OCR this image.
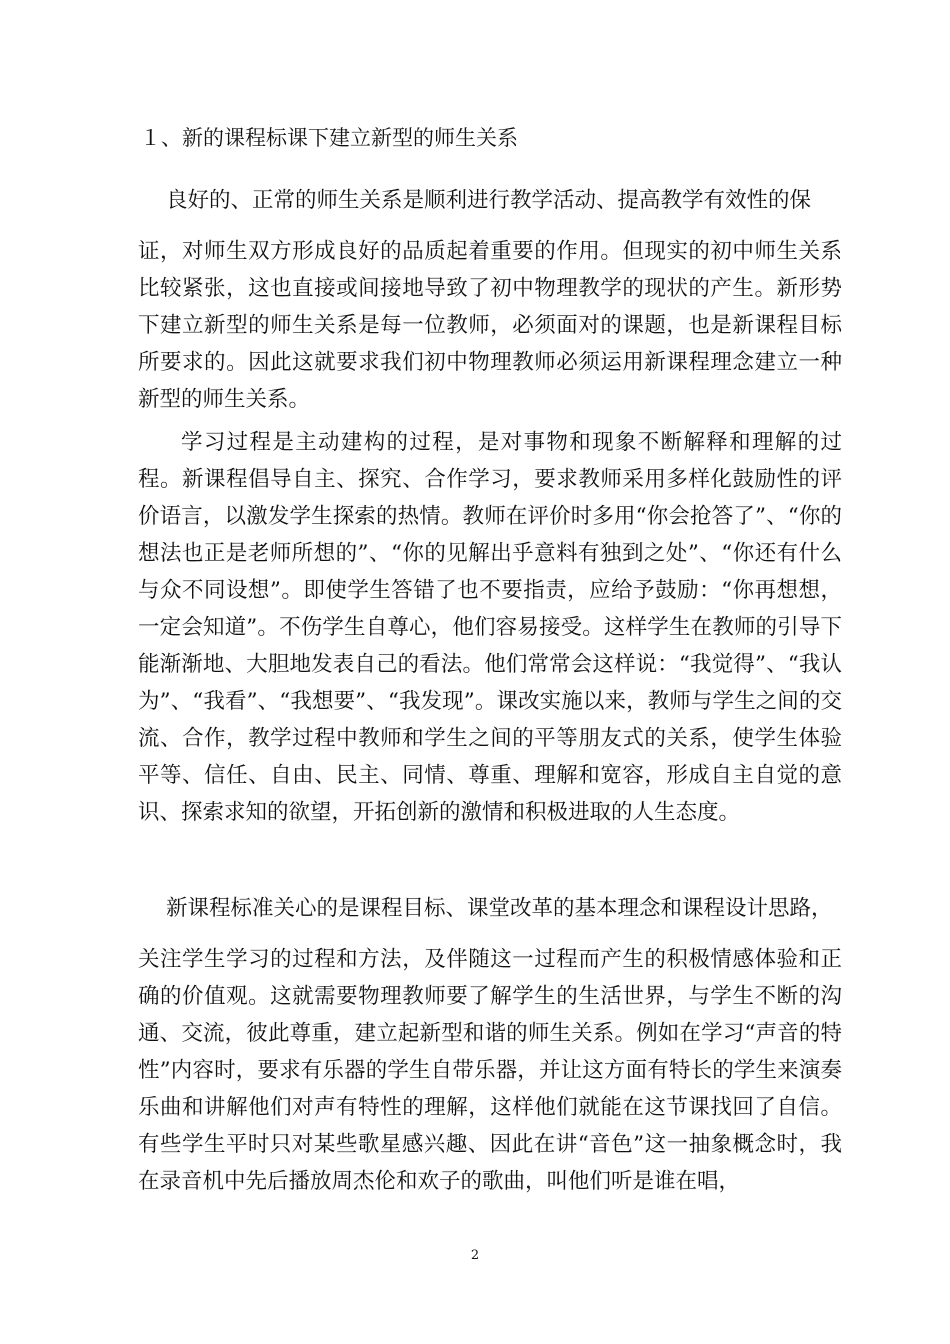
１、新的课程标课下建立新型的师生关系
良好的、正常的师生关系是顺利进行教学活动、提高教学有效性的保
证，对师生双方形成良好的品质起着重要的作用。但现实的初中师生关系比较紧张，这也直接或间接地导致了初中物理教学的现状的产生。新形势下建立新型的师生关系是每一位教师，必须面对的课题，也是新课程目标所要求的。因此这就要求我们初中物理教师必须运用新课程理念建立一种新型的师生关系。
学习过程是主动建构的过程，是对事物和现象不断解释和理解的过程。新课程倡导自主、探究、合作学习，要求教师采用多样化鼓励性的评价语言，以激发学生探索的热情。教师在评价时多用“你会抢答了”、“你的想法也正是老师所想的”、“你的见解出乎意料有独到之处”、“你还有什么与众不同设想”。即使学生答错了也不要指责，应给予鼓励：“你再想想，一定会知道”。不伤学生自尊心，他们容易接受。这样学生在教师的引导下能渐渐地、大胆地发表自己的看法。他们常常会这样说：“我觉得”、“我认为”、“我看”、“我想要”、“我发现”。课改实施以来，教师与学生之间的交流、合作，教学过程中教师和学生之间的平等朋友式的关系，使学生体验平等、信任、自由、民主、同情、尊重、理解和宽容，形成自主自觉的意识、探索求知的欲望，开拓创新的激情和积极进取的人生态度。
新课程标准关心的是课程目标、课堂改革的基本理念和课程设计思路，
关注学生学习的过程和方法，及伴随这一过程而产生的积极情感体验和正确的价值观。这就需要物理教师要了解学生的生活世界，与学生不断的沟通、交流，彼此尊重，建立起新型和谐的师生关系。例如在学习“声音的特性”内容时，要求有乐器的学生自带乐器，并让这方面有特长的学生来演奏乐曲和讲解他们对声有特性的理解，这样他们就能在这节课找回了自信。有些学生平时只对某些歌星感兴趣、因此在讲“音色”这一抽象概念时，我在录音机中先后播放周杰伦和欢子的歌曲，叫他们听是谁在唱，
2
